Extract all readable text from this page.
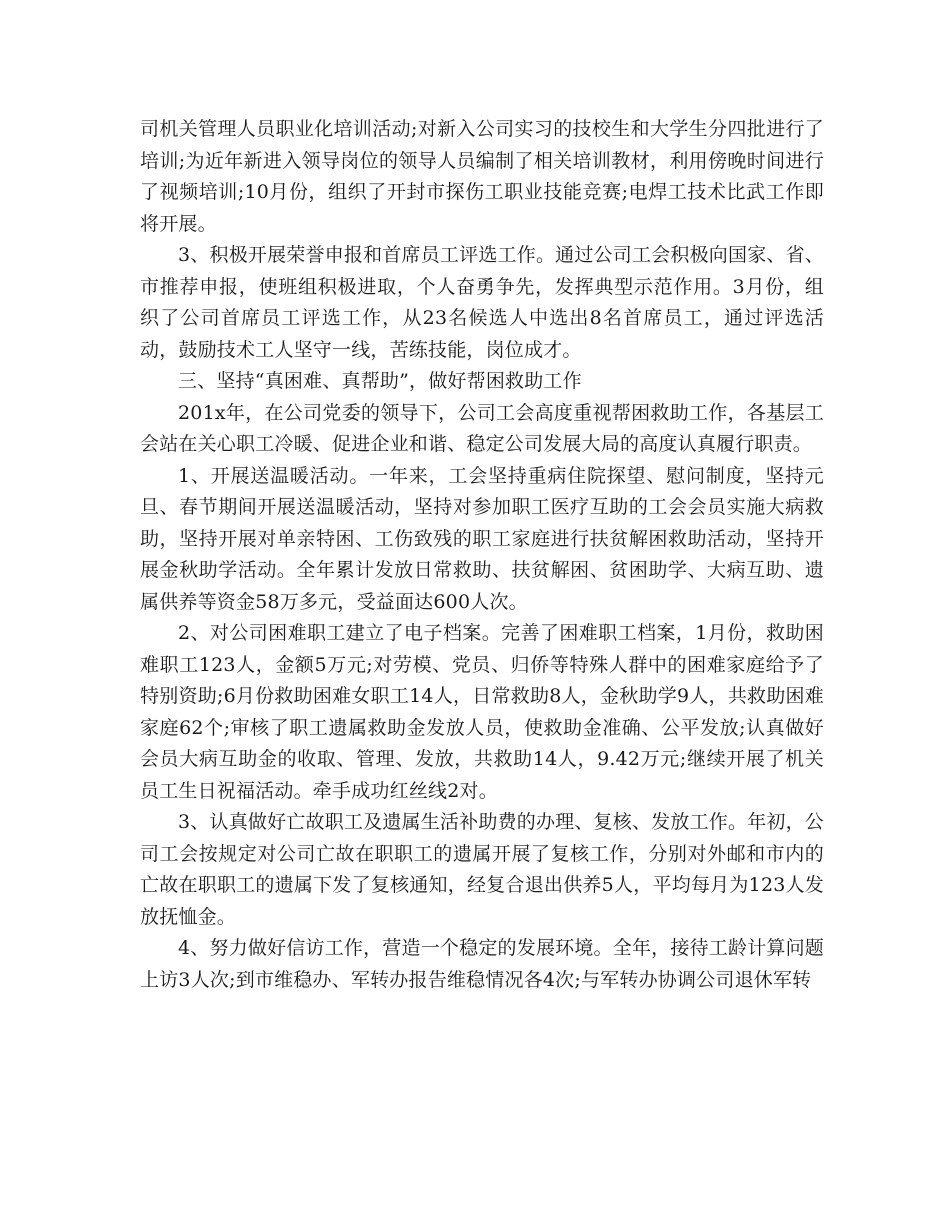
司机关管理人员职业化培训活动;对新入公司实习的技校生和大学生分四批进行了培训;为近年新进入领导岗位的领导人员编制了相关培训教材，利用傍晚时间进行了视频培训;10月份，组织了开封市探伤工职业技能竞赛;电焊工技术比武工作即将开展。

3、积极开展荣誉申报和首席员工评选工作。通过公司工会积极向国家、省、市推荐申报，使班组积极进取，个人奋勇争先，发挥典型示范作用。3月份，组织了公司首席员工评选工作，从23名候选人中选出8名首席员工，通过评选活动，鼓励技术工人坚守一线，苦练技能，岗位成才。

三、坚持“真困难、真帮助”，做好帮困救助工作

201x年，在公司党委的领导下，公司工会高度重视帮困救助工作，各基层工会站在关心职工冷暖、促进企业和谐、稳定公司发展大局的高度认真履行职责。

1、开展送温暖活动。一年来，工会坚持重病住院探望、慰问制度，坚持元旦、春节期间开展送温暖活动，坚持对参加职工医疗互助的工会会员实施大病救助，坚持开展对单亲特困、工伤致残的职工家庭进行扶贫解困救助活动，坚持开展金秋助学活动。全年累计发放日常救助、扶贫解困、贫困助学、大病互助、遗属供养等资金58万多元，受益面达600人次。

2、对公司困难职工建立了电子档案。完善了困难职工档案，1月份，救助困难职工123人，金额5万元;对劳模、党员、归侨等特殊人群中的困难家庭给予了特别资助;6月份救助困难女职工14人，日常救助8人，金秋助学9人，共救助困难家庭62个;审核了职工遗属救助金发放人员，使救助金准确、公平发放;认真做好会员大病互助金的收取、管理、发放，共救助14人，9.42万元;继续开展了机关员工生日祝福活动。牵手成功红丝线2对。

3、认真做好亡故职工及遗属生活补助费的办理、复核、发放工作。年初，公司工会按规定对公司亡故在职职工的遗属开展了复核工作，分别对外邮和市内的亡故在职职工的遗属下发了复核通知，经复合退出供养5人，平均每月为123人发放抚恤金。

4、努力做好信访工作，营造一个稳定的发展环境。全年，接待工龄计算问题上访3人次;到市维稳办、军转办报告维稳情况各4次;与军转办协调公司退休军转
